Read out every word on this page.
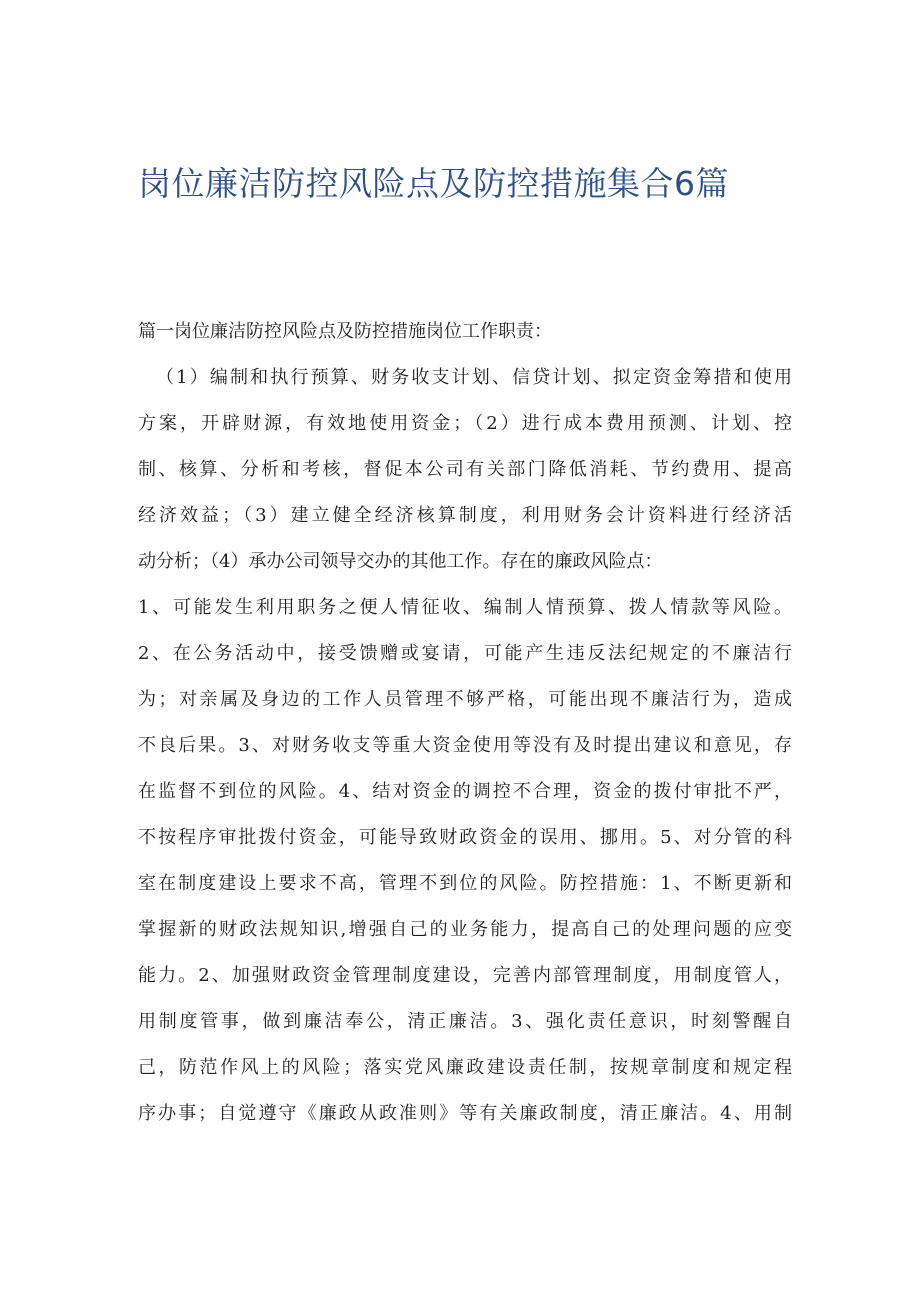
岗位廉洁防控风险点及防控措施集合6篇
篇一岗位廉洁防控风险点及防控措施岗位工作职责：
（1）编制和执行预算、财务收支计划、信贷计划、拟定资金筹措和使用
方案，开辟财源，有效地使用资金；（2）进行成本费用预测、计划、控
制、核算、分析和考核，督促本公司有关部门降低消耗、节约费用、提高
经济效益；（3）建立健全经济核算制度，利用财务会计资料进行经济活
动分析；（4）承办公司领导交办的其他工作。存在的廉政风险点：
1、可能发生利用职务之便人情征收、编制人情预算、拨人情款等风险。
2、在公务活动中，接受馈赠或宴请，可能产生违反法纪规定的不廉洁行
为；对亲属及身边的工作人员管理不够严格，可能出现不廉洁行为，造成
不良后果。3、对财务收支等重大资金使用等没有及时提出建议和意见，存
在监督不到位的风险。4、结对资金的调控不合理，资金的拨付审批不严，
不按程序审批拨付资金，可能导致财政资金的误用、挪用。5、对分管的科
室在制度建设上要求不高，管理不到位的风险。防控措施：1、不断更新和
掌握新的财政法规知识,增强自己的业务能力，提高自己的处理问题的应变
能力。2、加强财政资金管理制度建设，完善内部管理制度，用制度管人，
用制度管事，做到廉洁奉公，清正廉洁。3、强化责任意识，时刻警醒自
己，防范作风上的风险；落实党风廉政建设责任制，按规章制度和规定程
序办事；自觉遵守《廉政从政准则》等有关廉政制度，清正廉洁。4、用制
